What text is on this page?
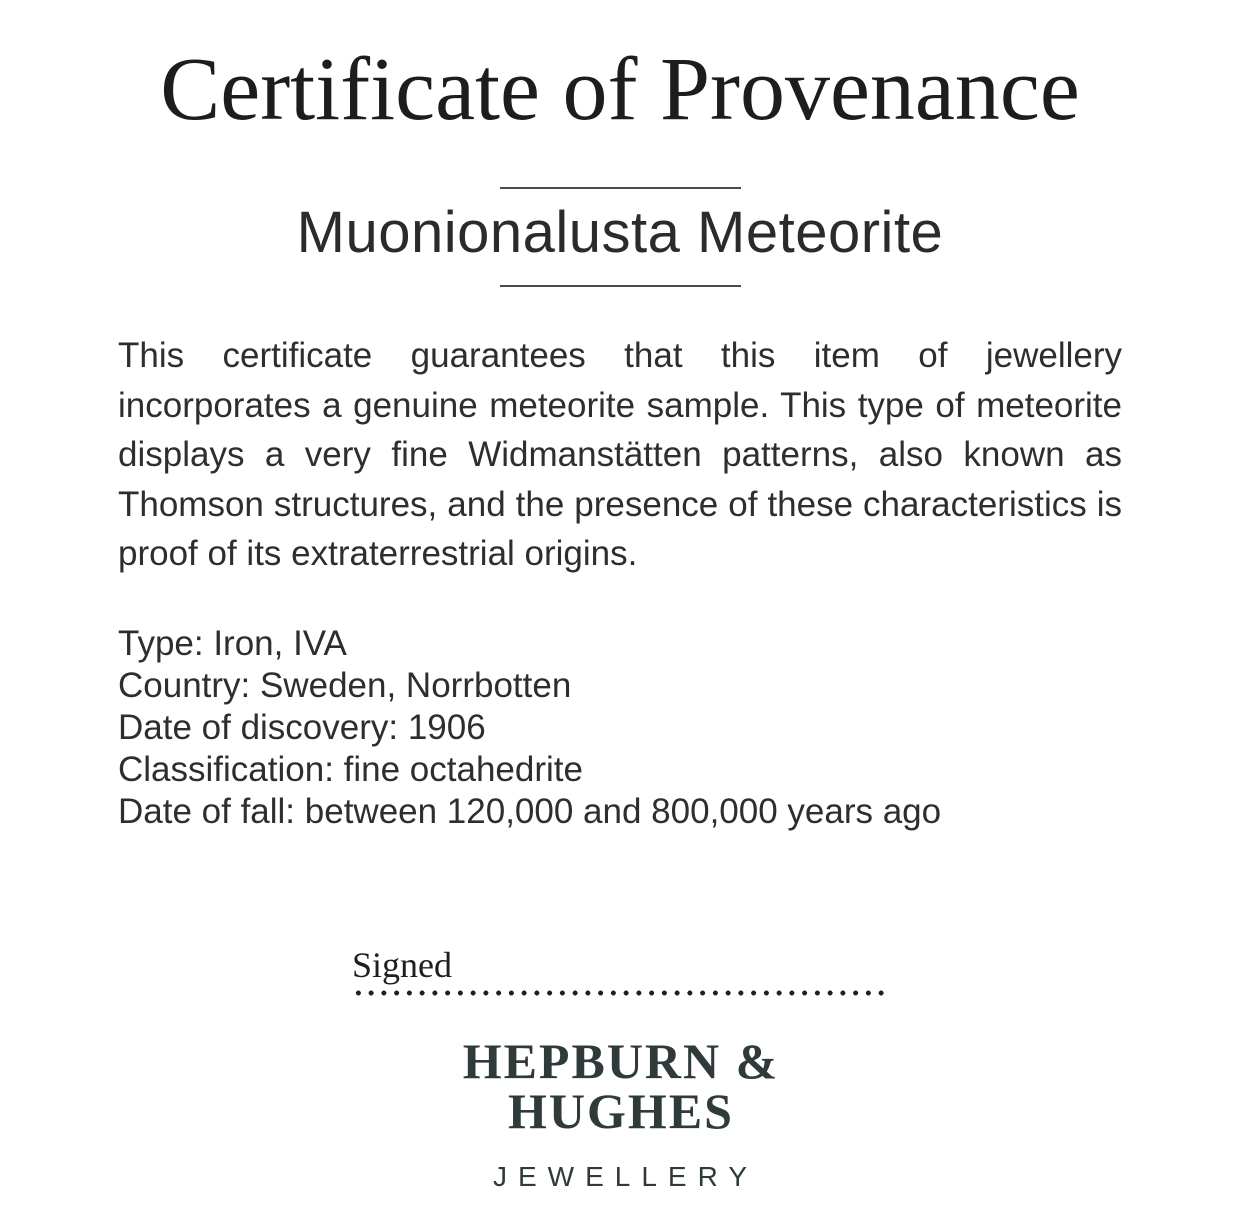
Certificate of Provenance
Muonionalusta Meteorite

This certificate guarantees that this item of jewellery incorporates a genuine meteorite sample. This type of meteorite displays a very fine Widmanstätten patterns, also known as Thomson structures, and the presence of these characteristics is proof of its extraterrestrial origins.

Type: Iron, IVA
Country: Sweden, Norrbotten
Date of discovery: 1906
Classification: fine octahedrite
Date of fall: between 120,000 and 800,000 years ago
Signed
HEPBURN & HUGHES
JEWELLERY
